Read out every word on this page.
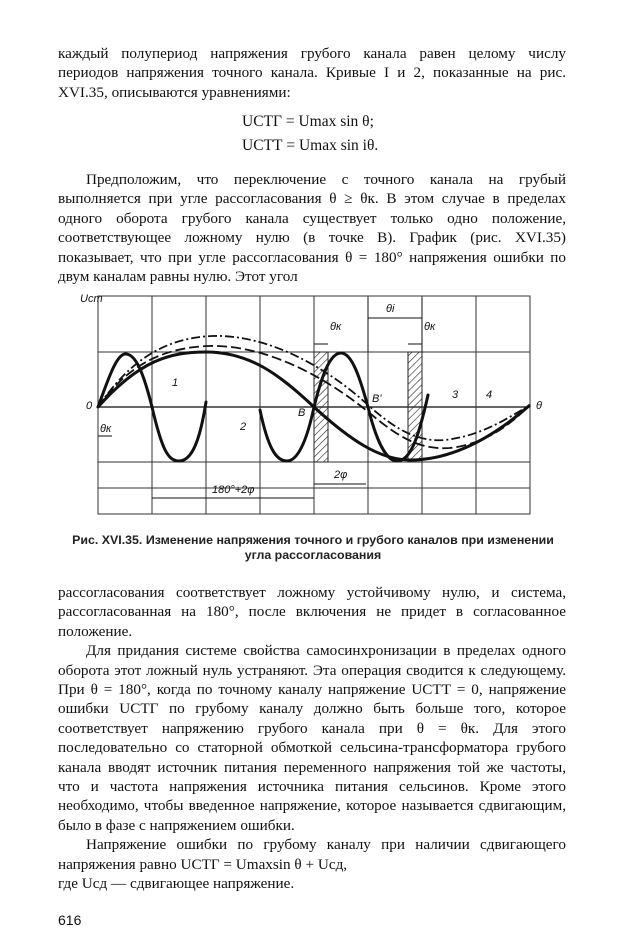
каждый полупериод напряжения грубого канала равен целому числу периодов напряжения точного канала. Кривые I и 2, показанные на рис. XVI.35, описываются уравнениями:

UСТГ = Umax sin θ;
UСТТ = Umax sin iθ.

Предположим, что переключение с точного канала на грубый выполняется при угле рассогласования θ ≥ θк. В этом случае в пределах одного оборота грубого канала существует только одно положение, соответствующее ложному нулю (в точке B). График (рис. XVI.35) показывает, что при угле рассогласования θ = 180° напряжения ошибки по двум каналам равны нулю. Этот угол

Uст
0	θ
1
2
3	4
B
B'
θк
θк	θк
θi
2φ
180°+2φ
Рис. XVI.35. Изменение напряжения точного и грубого каналов при изменении угла рассогласования

рассогласования соответствует ложному устойчивому нулю, и система, рассогласованная на 180°, после включения не придет в согласованное положение.

Для придания системе свойства самосинхронизации в пределах одного оборота этот ложный нуль устраняют. Эта операция сводится к следующему. При θ = 180°, когда по точному каналу напряжение UСТТ = 0, напряжение ошибки UСТГ по грубому каналу должно быть больше того, которое соответствует напряжению грубого канала при θ = θк. Для этого последовательно со статорной обмоткой сельсина-трансформатора грубого канала вводят источник питания переменного напряжения той же частоты, что и частота напряжения источника питания сельсинов. Кроме этого необходимо, чтобы введенное напряжение, которое называется сдвигающим, было в фазе с напряжением ошибки.

Напряжение ошибки по грубому каналу при наличии сдвигающего напряжения равно UСТГ = Umaxsin θ + Uсд,

где Uсд — сдвигающее напряжение.

616
